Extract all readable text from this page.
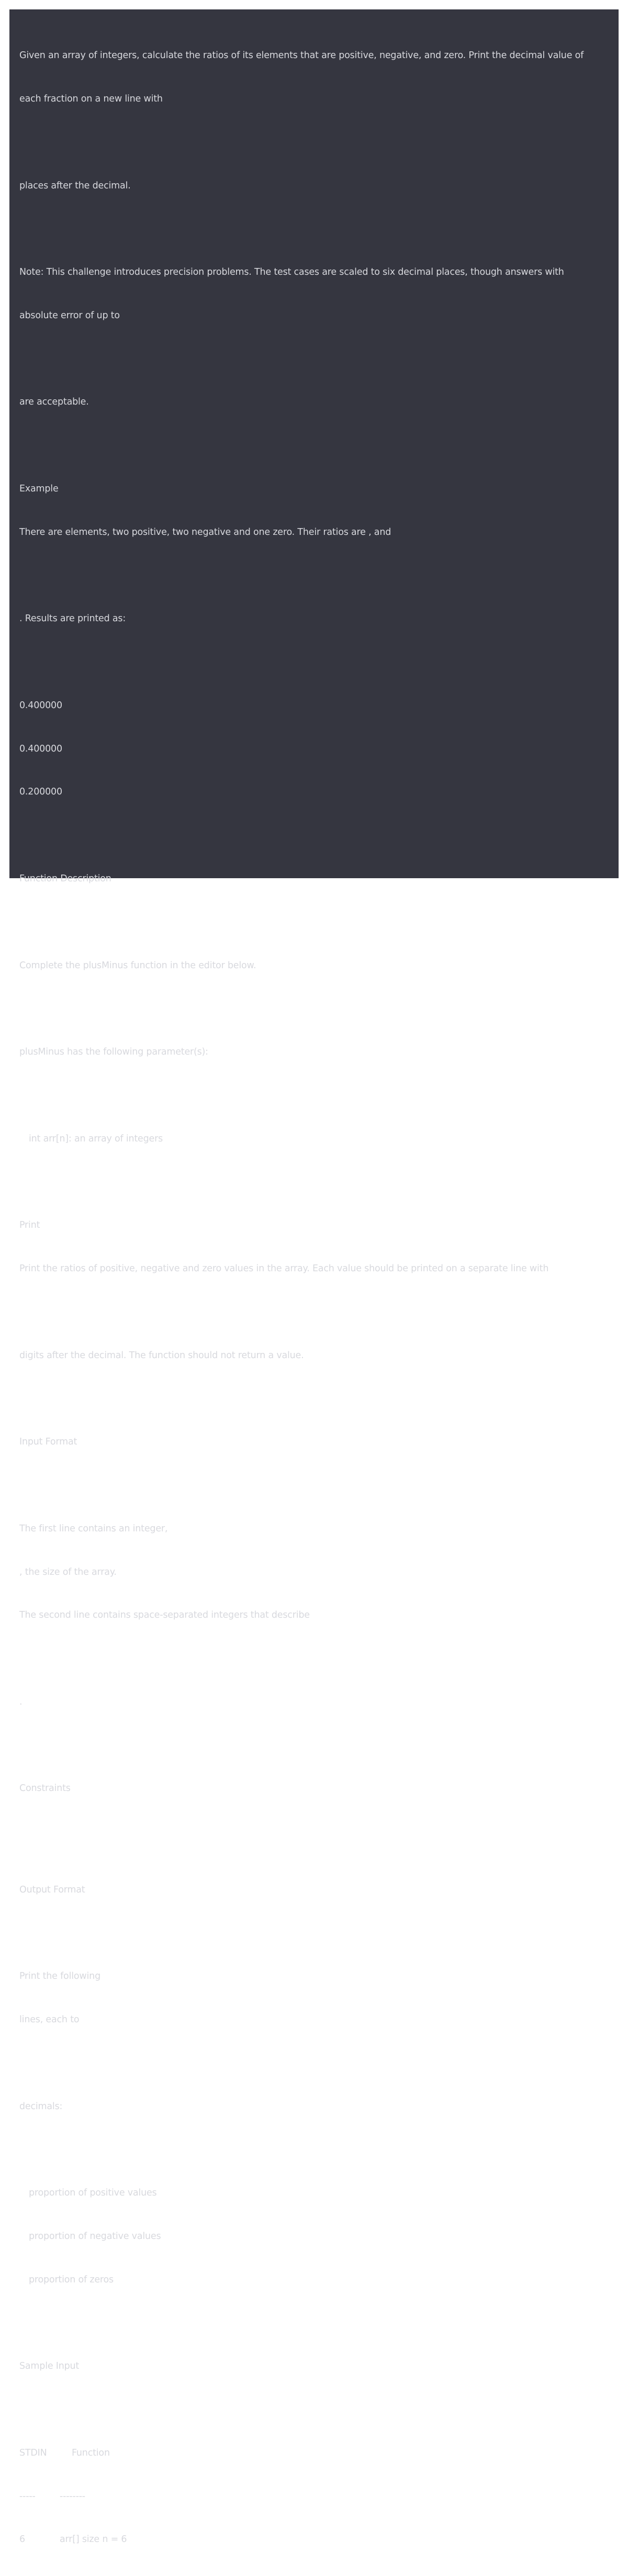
Given an array of integers, calculate the ratios of its elements that are positive, negative, and zero. Print the decimal value of

each fraction on a new line with

places after the decimal.

Note: This challenge introduces precision problems. The test cases are scaled to six decimal places, though answers with

absolute error of up to

are acceptable.

Example

There are elements, two positive, two negative and one zero. Their ratios are , and

. Results are printed as:

0.400000

0.400000

0.200000

Function Description

Complete the plusMinus function in the editor below.

plusMinus has the following parameter(s):

int arr[n]: an array of integers

Print

Print the ratios of positive, negative and zero values in the array. Each value should be printed on a separate line with

digits after the decimal. The function should not return a value.

Input Format

The first line contains an integer,

, the size of the array.

The second line contains space-separated integers that describe

.

Constraints

Output Format

Print the following

lines, each to

decimals:

proportion of positive values

proportion of negative values

proportion of zeros

Sample Input

STDIN	Function

-----	--------

6	arr[] size n = 6
